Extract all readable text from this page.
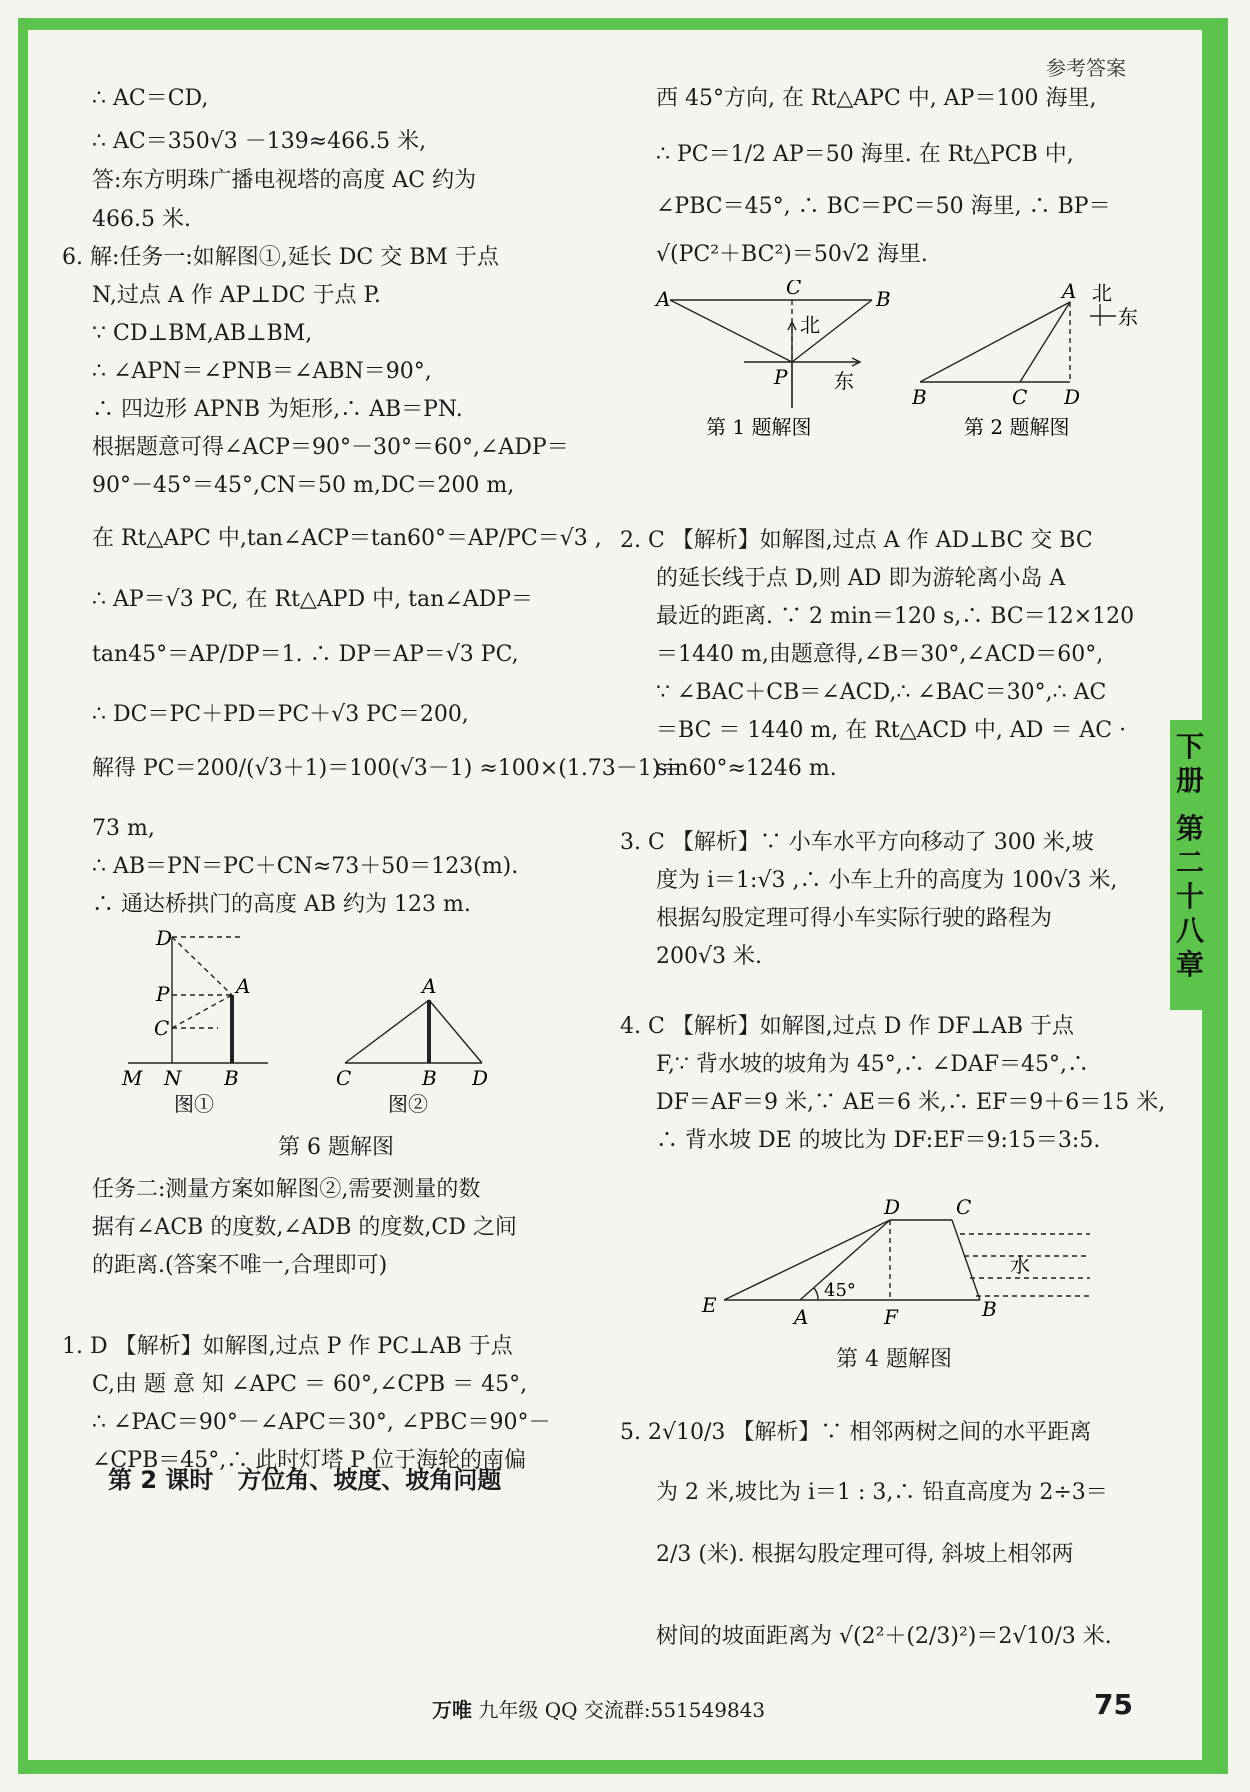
下册
第二十八章
参考答案
∴ AC＝CD,
∴ AC＝350√3 －139≈466.5 米,
答:东方明珠广播电视塔的高度 AC 约为
466.5 米.
6. 解:任务一:如解图①,延长 DC 交 BM 于点
N,过点 A 作 AP⊥DC 于点 P.
∵ CD⊥BM,AB⊥BM,
∴ ∠APN＝∠PNB＝∠ABN＝90°,
∴ 四边形 APNB 为矩形,∴ AB＝PN.
根据题意可得∠ACP＝90°－30°＝60°,∠ADP＝
90°－45°＝45°,CN＝50 m,DC＝200 m,
在 Rt△APC 中,tan∠ACP＝tan60°＝AP/PC＝√3 ,
∴ AP＝√3 PC, 在 Rt△APD 中, tan∠ADP＝
tan45°＝AP/DP＝1. ∴ DP＝AP＝√3 PC,
∴ DC＝PC＋PD＝PC＋√3 PC＝200,
解得 PC＝200/(√3＋1)＝100(√3－1) ≈100×(1.73－1)＝
73 m,
∴ AB＝PN＝PC＋CN≈73＋50＝123(m).
∴ 通达桥拱门的高度 AB 约为 123 m.
D
P
C
A
M N B	C	B D
A
图①	图②
第 6 题解图
任务二:测量方案如解图②,需要测量的数
据有∠ACB 的度数,∠ADB 的度数,CD 之间
的距离.(答案不唯一,合理即可)
第 2 课时　方位角、坡度、坡角问题
1. D 【解析】如解图,过点 P 作 PC⊥AB 于点
C,由 题 意 知 ∠APC ＝ 60°,∠CPB ＝ 45°,
∴ ∠PAC＝90°－∠APC＝30°, ∠PBC＝90°－
∠CPB＝45°,∴ 此时灯塔 P 位于海轮的南偏
西 45°方向, 在 Rt△APC 中, AP＝100 海里,
∴ PC＝1/2 AP＝50 海里. 在 Rt△PCB 中,
∠PBC＝45°, ∴ BC＝PC＝50 海里, ∴ BP＝
√(PC²＋BC²)＝50√2 海里.
A	C	B
P
北
东
A
B	C D
北
东
第 1 题解图	第 2 题解图
2. C 【解析】如解图,过点 A 作 AD⊥BC 交 BC
的延长线于点 D,则 AD 即为游轮离小岛 A
最近的距离. ∵ 2 min＝120 s,∴ BC＝12×120
＝1440 m,由题意得,∠B＝30°,∠ACD＝60°,
∵ ∠BAC＋CB＝∠ACD,∴ ∠BAC＝30°,∴ AC
＝BC ＝ 1440 m, 在 Rt△ACD 中, AD ＝ AC ·
sin60°≈1246 m.
3. C 【解析】∵ 小车水平方向移动了 300 米,坡
度为 i＝1:√3 ,∴ 小车上升的高度为 100√3 米,
根据勾股定理可得小车实际行驶的路程为
200√3 米.
4. C 【解析】如解图,过点 D 作 DF⊥AB 于点
F,∵ 背水坡的坡角为 45°,∴ ∠DAF＝45°,∴
DF＝AF＝9 米,∵ AE＝6 米,∴ EF＝9＋6＝15 米,
∴ 背水坡 DE 的坡比为 DF:EF＝9:15＝3:5.
D	C
E	A	F	B
45°
水
第 4 题解图
5. 2√10/3 【解析】∵ 相邻两树之间的水平距离
为 2 米,坡比为 i＝1 : 3,∴ 铅直高度为 2÷3＝
2/3 (米). 根据勾股定理可得, 斜坡上相邻两
树间的坡面距离为 √(2²＋(2/3)²)＝2√10/3 米.
万唯 九年级 QQ 交流群:551549843	75
